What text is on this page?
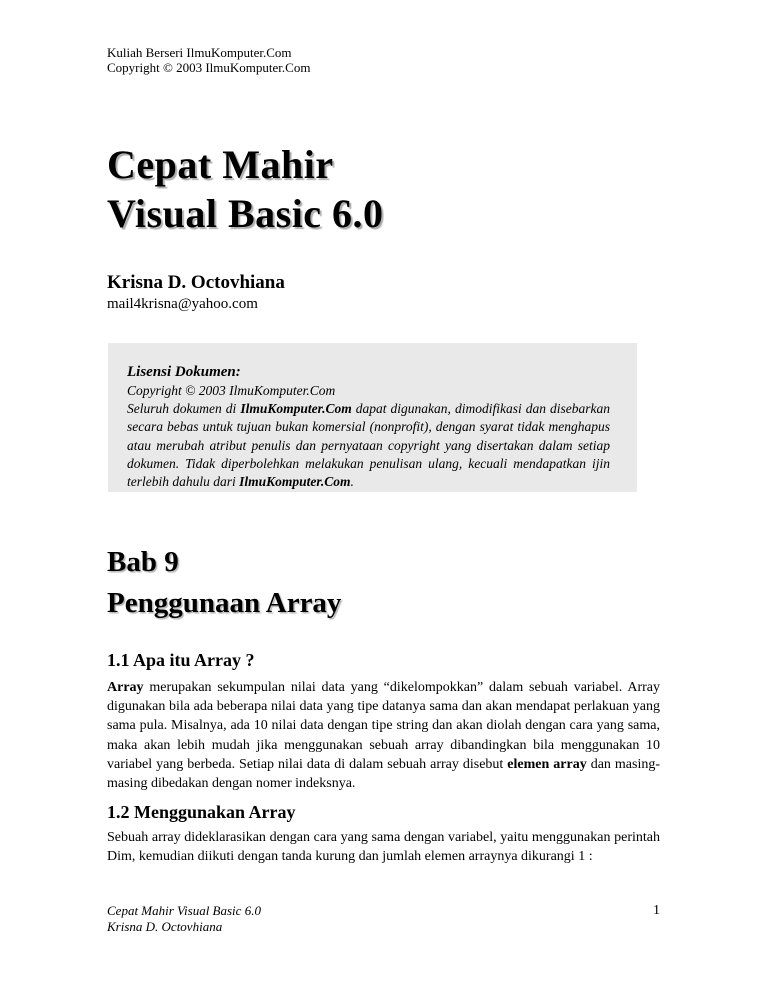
Kuliah Berseri IlmuKomputer.Com
Copyright © 2003 IlmuKomputer.Com
Cepat Mahir
Visual Basic 6.0
Krisna D. Octovhiana
mail4krisna@yahoo.com
Lisensi Dokumen:
Copyright © 2003 IlmuKomputer.Com
Seluruh dokumen di IlmuKomputer.Com dapat digunakan, dimodifikasi dan disebarkan secara bebas untuk tujuan bukan komersial (nonprofit), dengan syarat tidak menghapus atau merubah atribut penulis dan pernyataan copyright yang disertakan dalam setiap dokumen. Tidak diperbolehkan melakukan penulisan ulang, kecuali mendapatkan ijin terlebih dahulu dari IlmuKomputer.Com.
Bab 9
Penggunaan Array
1.1 Apa itu Array ?
Array merupakan sekumpulan nilai data yang “dikelompokkan” dalam sebuah variabel. Array digunakan bila ada beberapa nilai data yang tipe datanya sama dan akan mendapat perlakuan yang sama pula. Misalnya, ada 10 nilai data dengan tipe string dan akan diolah dengan cara yang sama, maka akan lebih mudah jika menggunakan sebuah array dibandingkan bila menggunakan 10 variabel yang berbeda. Setiap nilai data di dalam sebuah array disebut elemen array dan masing-masing dibedakan dengan nomer indeksnya.
1.2 Menggunakan Array
Sebuah array dideklarasikan dengan cara yang sama dengan variabel, yaitu menggunakan perintah Dim, kemudian diikuti dengan tanda kurung dan jumlah elemen arraynya dikurangi 1 :
Cepat Mahir Visual Basic 6.0
Krisna D. Octovhiana
1
